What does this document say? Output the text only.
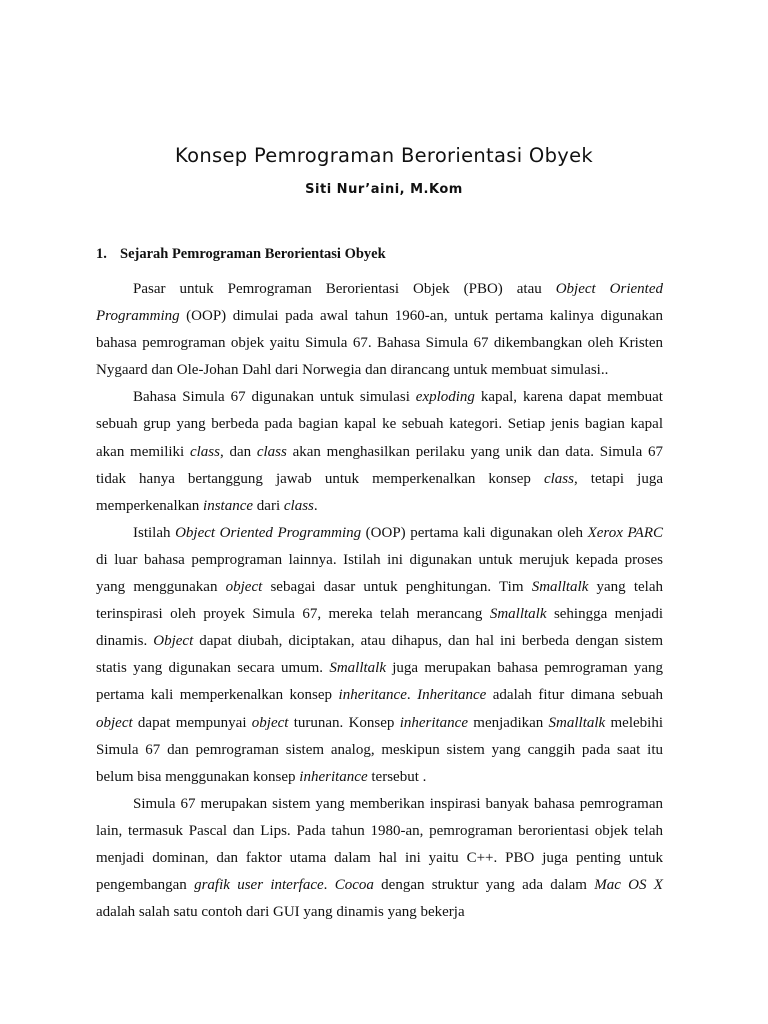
Konsep Pemrograman Berorientasi Obyek
Siti Nur’aini, M.Kom
1. Sejarah Pemrograman Berorientasi Obyek

Pasar untuk Pemrograman Berorientasi Objek (PBO) atau Object Oriented Programming (OOP) dimulai pada awal tahun 1960-an, untuk pertama kalinya digunakan bahasa pemrograman objek yaitu Simula 67. Bahasa Simula 67 dikembangkan oleh Kristen Nygaard dan Ole-Johan Dahl dari Norwegia dan dirancang untuk membuat simulasi..

Bahasa Simula 67 digunakan untuk simulasi exploding kapal, karena dapat membuat sebuah grup yang berbeda pada bagian kapal ke sebuah kategori. Setiap jenis bagian kapal akan memiliki class, dan class akan menghasilkan perilaku yang unik dan data. Simula 67 tidak hanya bertanggung jawab untuk memperkenalkan konsep class, tetapi juga memperkenalkan instance dari class.

Istilah Object Oriented Programming (OOP) pertama kali digunakan oleh Xerox PARC di luar bahasa pemprograman lainnya. Istilah ini digunakan untuk merujuk kepada proses yang menggunakan object sebagai dasar untuk penghitungan. Tim Smalltalk yang telah terinspirasi oleh proyek Simula 67, mereka telah merancang Smalltalk sehingga menjadi dinamis. Object dapat diubah, diciptakan, atau dihapus, dan hal ini berbeda dengan sistem statis yang digunakan secara umum. Smalltalk juga merupakan bahasa pemrograman yang pertama kali memperkenalkan konsep inheritance. Inheritance adalah fitur dimana sebuah object dapat mempunyai object turunan. Konsep inheritance menjadikan Smalltalk melebihi Simula 67 dan pemrograman sistem analog, meskipun sistem yang canggih pada saat itu belum bisa menggunakan konsep inheritance tersebut .

Simula 67 merupakan sistem yang memberikan inspirasi banyak bahasa pemrograman lain, termasuk Pascal dan Lips. Pada tahun 1980-an, pemrograman berorientasi objek telah menjadi dominan, dan faktor utama dalam hal ini yaitu C++. PBO juga penting untuk pengembangan grafik user interface. Cocoa dengan struktur yang ada dalam Mac OS X adalah salah satu contoh dari GUI yang dinamis yang bekerja
